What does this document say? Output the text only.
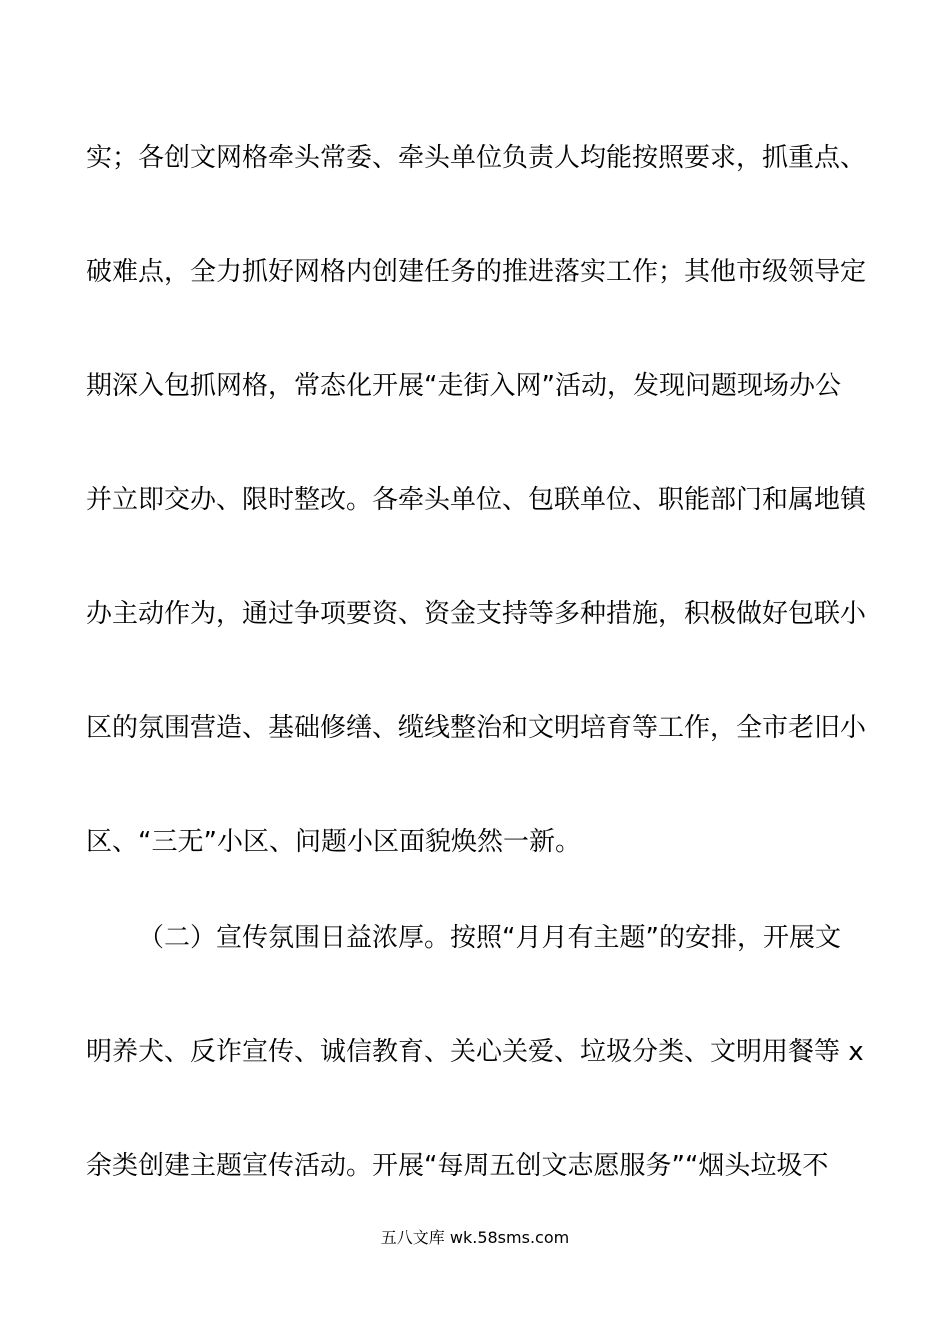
实；各创文网格牵头常委、牵头单位负责人均能按照要求，抓重点、
破难点，全力抓好网格内创建任务的推进落实工作；其他市级领导定
期深入包抓网格，常态化开展“走街入网”活动，发现问题现场办公
并立即交办、限时整改。各牵头单位、包联单位、职能部门和属地镇
办主动作为，通过争项要资、资金支持等多种措施，积极做好包联小
区的氛围营造、基础修缮、缆线整治和文明培育等工作，全市老旧小
区、“三无”小区、问题小区面貌焕然一新。
（二）宣传氛围日益浓厚。按照“月月有主题”的安排，开展文
明养犬、反诈宣传、诚信教育、关心关爱、垃圾分类、文明用餐等 x
余类创建主题宣传活动。开展“每周五创文志愿服务”“烟头垃圾不
五八文库 wk.58sms.com
